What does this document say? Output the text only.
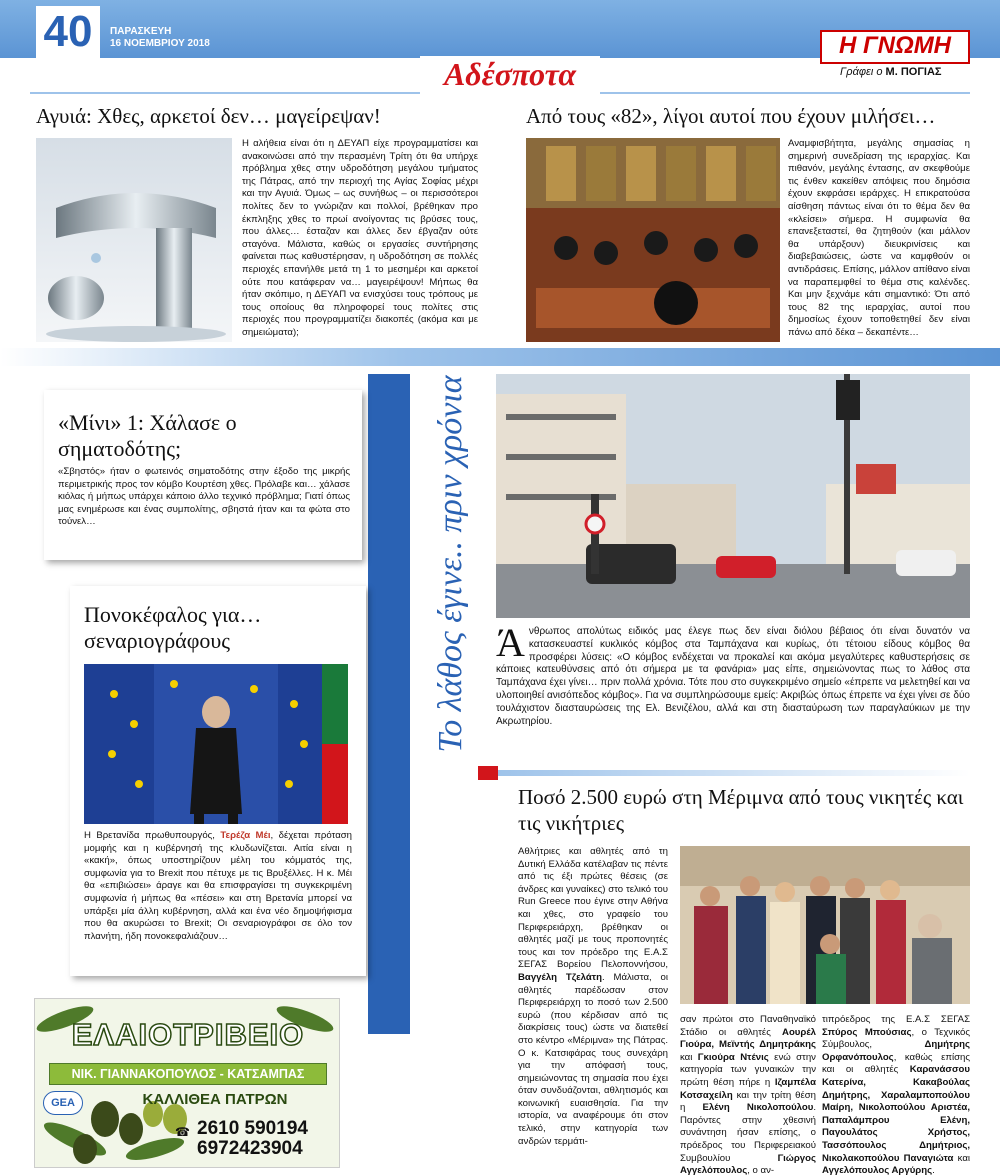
40	ΠΑΡΑΣΚΕΥΗ
16 ΝΟΕΜΒΡΙΟΥ 2018	Η ΓΝΩΜΗ
Γράφει ο Μ. ΠΟΓΙΑΣ
Αδέσποτα
Αγυιά: Χθες, αρκετοί δεν… μαγείρεψαν!
Η αλήθεια είναι ότι η ΔΕΥΑΠ είχε προγραμματίσει και ανακοινώσει από την περασμένη Τρίτη ότι θα υπήρχε πρόβλημα χθες στην υδροδότηση μεγάλου τμήματος της Πάτρας, από την περιοχή της Αγίας Σοφίας μέχρι και την Αγυιά. Όμως – ως συνήθως – οι περισσότεροι πολίτες δεν το γνώριζαν και πολλοί, βρέθηκαν προ έκπληξης χθες το πρωί ανοίγοντας τις βρύσες τους, που άλλες… έσταζαν και άλλες δεν έβγαζαν ούτε σταγόνα. Μάλιστα, καθώς οι εργασίες συντήρησης φαίνεται πως καθυστέρησαν, η υδροδότηση σε πολλές περιοχές επανήλθε μετά τη 1 το μεσημέρι και αρκετοί ούτε που κατάφεραν να… μαγειρέψουν! Μήπως θα ήταν σκόπιμο, η ΔΕΥΑΠ να ενισχύσει τους τρόπους με τους οποίους θα πληροφορεί τους πολίτες στις περιοχές που προγραμματίζει διακοπές (ακόμα και με σημειώματα);
Από τους «82», λίγοι αυτοί που έχουν μιλήσει…
Αναμφισβήτητα, μεγάλης σημασίας η σημερινή συνεδρίαση της ιεραρχίας. Και πιθανόν, μεγάλης έντασης, αν σκεφθούμε τις ένθεν κακείθεν απόψεις που δημόσια έχουν εκφράσει ιεράρχες. Η επικρατούσα αίσθηση πάντως είναι ότι το θέμα δεν θα «κλείσει» σήμερα. Η συμφωνία θα επανεξεταστεί, θα ζητηθούν (και μάλλον θα υπάρξουν) διευκρινίσεις και διαβεβαιώσεις, ώστε να καμφθούν οι αντιδράσεις. Επίσης, μάλλον απίθανο είναι να παραπεμφθεί το θέμα στις καλένδες. Και μην ξεχνάμε κάτι σημαντικό: Ότι από τους 82 της ιεραρχίας, αυτοί που δημοσίως έχουν τοποθετηθεί δεν είναι πάνω από δέκα – δεκαπέντε…
«Μίνι» 1: Χάλασε ο σηματοδότης;
«Σβηστός» ήταν ο φωτεινός σηματοδότης στην έξοδο της μικρής περιμετρικής προς τον κόμβο Κουρτέση χθες. Πρόλαβε και… χάλασε κιόλας ή μήπως υπάρχει κάποιο άλλο τεχνικό πρόβλημα; Γιατί όπως μας ενημέρωσε και ένας συμπολίτης, σβηστά ήταν και τα φώτα στο τούνελ…
Πονοκέφαλος για… σεναριογράφους
Η Βρετανίδα πρωθυπουργός, Τερέζα Μέι, δέχεται πρόταση μομφής και η κυβέρνησή της κλυδωνίζεται. Αιτία είναι η «κακή», όπως υποστηρίζουν μέλη του κόμματός της, συμφωνία για το Brexit που πέτυχε με τις Βρυξέλλες. Η κ. Μέι θα «επιβιώσει» άραγε και θα επισφραγίσει τη συγκεκριμένη συμφωνία ή μήπως θα «πέσει» και στη Βρετανία μπορεί να υπάρξει μία άλλη κυβέρνηση, αλλά και ένα νέο δημοψήφισμα που θα ακυρώσει το Brexit; Οι σεναριογράφοι σε όλο τον πλανήτη, ήδη πονοκεφαλιάζουν…
Το λάθος έγινε.. πριν χρόνια Άνθρωπος απολύτως ειδικός μας έλεγε πως δεν είναι διόλου βέβαιος ότι είναι δυνατόν να κατασκευαστεί κυκλικός κόμβος στα Ταμπάχανα και κυρίως, ότι τέτοιου είδους κόμβος θα προσφέρει λύσεις: «Ο κόμβος ενδέχεται να προκαλεί και ακόμα μεγαλύτερες καθυστερήσεις σε κάποιες κατευθύνσεις από ότι σήμερα με τα φανάρια» μας είπε, σημειώνοντας πως το λάθος στα Ταμπάχανα έχει γίνει… πριν πολλά χρόνια. Τότε που στο συγκεκριμένο σημείο «έπρεπε να μελετηθεί και να υλοποιηθεί ανισόπεδος κόμβος». Για να συμπληρώσουμε εμείς: Ακριβώς όπως έπρεπε να έχει γίνει σε δύο τουλάχιστον διασταυρώσεις της Ελ. Βενιζέλου, αλλά και στη διασταύρωση των παραγλαύκιων με την Ακρωτηρίου.
Ποσό 2.500 ευρώ στη Μέριμνα από τους νικητές και τις νικήτριες
Αθλήτριες και αθλητές από τη Δυτική Ελλάδα κατέλαβαν τις πέντε από τις έξι πρώτες θέσεις (σε άνδρες και γυναίκες) στο τελικό του Run Greece που έγινε στην Αθήνα και χθες, στο γραφείο του Περιφερειάρχη, βρέθηκαν οι αθλητές μαζί με τους προπονητές τους και τον πρόεδρο της Ε.Α.Σ ΣΕΓΑΣ Βορείου Πελοποννήσου, Βαγγέλη Τζελάτη. Μάλιστα, οι αθλητές παρέδωσαν στον Περιφερειάρχη το ποσό των 2.500 ευρώ (που κέρδισαν από τις διακρίσεις τους) ώστε να διατεθεί στο κέντρο «Μέριμνα» της Πάτρας. Ο κ. Κατσιφάρας τους συνεχάρη για την απόφασή τους, σημειώνοντας τη σημασία που έχει όταν συνδυάζονται, αθλητισμός και κοινωνική ευαισθησία. Για την ιστορία, να αναφέρουμε ότι στον τελικό, στην κατηγορία των ανδρών τερμάτι-
σαν πρώτοι στο Παναθηναϊκό Στάδιο οι αθλητές Αουρέλ Γιούρα, Μεϊντής Δημητράκης και Γκιούρα Ντένις ενώ στην κατηγορία των γυναικών την πρώτη θέση πήρε η Ιζαμπέλα Κοτσαχείλη και την τρίτη θέση η Ελένη Νικολοπούλου. Παρόντες στην χθεσινή συνάντηση ήσαν επίσης, ο πρόεδρος του Περιφερειακού Συμβουλίου Γιώργος Αγγελόπουλος, ο αν-
τιπρόεδρος της Ε.Α.Σ ΣΕΓΑΣ Σπύρος Μπούσιας, ο Τεχνικός Σύμβουλος, Δημήτρης Ορφανόπουλος, καθώς επίσης και οι αθλητές Καρανάσσου Κατερίνα, Κακαβούλας Δημήτρης, Χαραλαμποπούλου Μαίρη, Νικολοπούλου Αριστέα, Παπαλάμπρου Ελένη, Παγουλάτος Χρήστος, Τασσόπουλος Δημήτριος, Νικολακοπούλου Παναγιώτα και Αγγελόπουλος Αργύρης.
ΕΛΑΙΟΤΡΙΒΕΙΟ
ΝΙΚ. ΓΙΑΝΝΑΚΟΠΟΥΛΟΣ - ΚΑΤΣΑΜΠΑΣ
GEA	ΚΑΛΛΙΘΕΑ ΠΑΤΡΩΝ
☎ 2610 590194
6972423904
